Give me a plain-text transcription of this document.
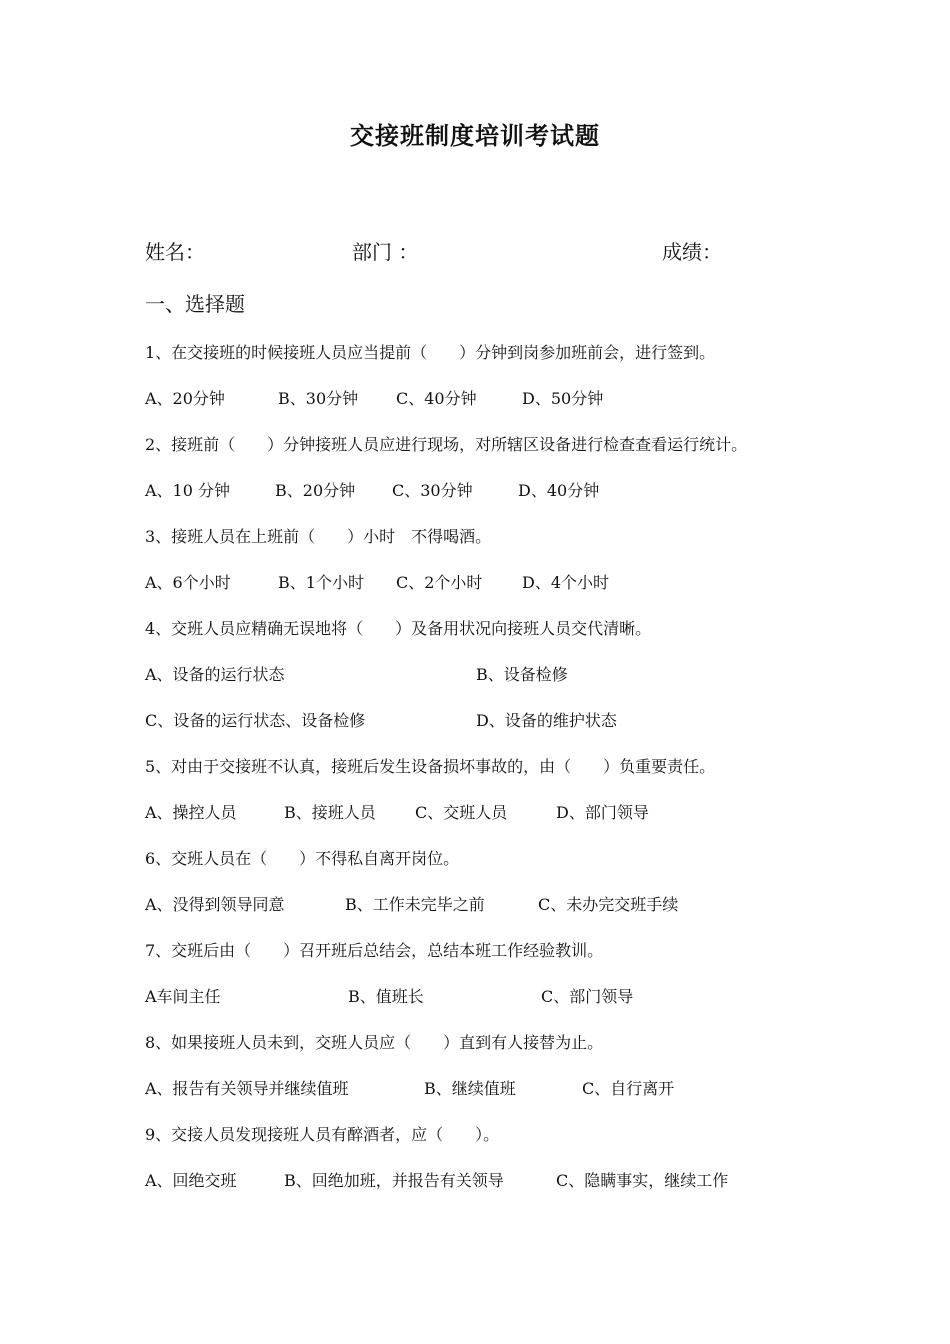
交接班制度培训考试题
姓名：	部门 ：	成绩：
一、选择题
1、在交接班的时候接班人员应当提前（　　）分钟到岗参加班前会，进行签到。
A、20分钟	B、30分钟 C、40分钟	D、50分钟
2、接班前（　　）分钟接班人员应进行现场，对所辖区设备进行检查查看运行统计。
A、10 分钟	B、20分钟 C、30分钟	D、40分钟
3、接班人员在上班前（　　）小时　不得喝酒。
A、6个小时	B、1个小时 C、2个小时 D、4个小时
4、交班人员应精确无误地将（　　）及备用状况向接班人员交代清晰。
A、设备的运行状态	B、设备检修
C、设备的运行状态、设备检修	D、设备的维护状态
5、对由于交接班不认真，接班后发生设备损坏事故的，由（　　）负重要责任。
A、操控人员	B、接班人员 C、交班人员	D、部门领导
6、交班人员在（　　）不得私自离开岗位。
A、没得到领导同意	B、工作未完毕之前	C、未办完交班手续
7、交班后由（　　）召开班后总结会，总结本班工作经验教训。
A车间主任	B、值班长	C、部门领导
8、如果接班人员未到，交班人员应（　　）直到有人接替为止。
A、报告有关领导并继续值班	B、继续值班	C、自行离开
9、交接人员发现接班人员有醉酒者，应（　　）。
A、回绝交班	B、回绝加班，并报告有关领导	C、隐瞒事实，继续工作
